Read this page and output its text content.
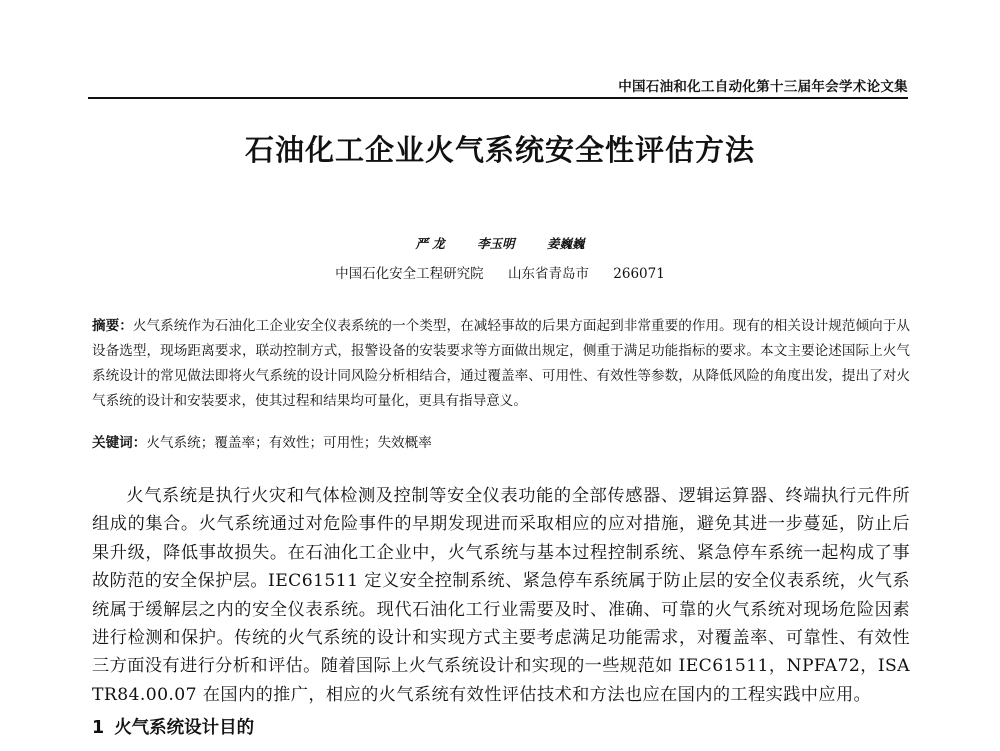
中国石油和化工自动化第十三届年会学术论文集
石油化工企业火气系统安全性评估方法
严 龙	李玉明	姜巍巍
中国石化安全工程研究院 山东省青岛市 266071
摘要：火气系统作为石油化工企业安全仪表系统的一个类型，在减轻事故的后果方面起到非常重要的作用。现有的相关设计规范倾向于从设备选型，现场距离要求，联动控制方式，报警设备的安装要求等方面做出规定，侧重于满足功能指标的要求。本文主要论述国际上火气系统设计的常见做法即将火气系统的设计同风险分析相结合，通过覆盖率、可用性、有效性等参数，从降低风险的角度出发，提出了对火气系统的设计和安装要求，使其过程和结果均可量化，更具有指导意义。
关键词：火气系统；覆盖率；有效性；可用性；失效概率
火气系统是执行火灾和气体检测及控制等安全仪表功能的全部传感器、逻辑运算器、终端执行元件所组成的集合。火气系统通过对危险事件的早期发现进而采取相应的应对措施，避免其进一步蔓延，防止后果升级，降低事故损失。在石油化工企业中，火气系统与基本过程控制系统、紧急停车系统一起构成了事故防范的安全保护层。IEC61511 定义安全控制系统、紧急停车系统属于防止层的安全仪表系统，火气系统属于缓解层之内的安全仪表系统。现代石油化工行业需要及时、准确、可靠的火气系统对现场危险因素进行检测和保护。传统的火气系统的设计和实现方式主要考虑满足功能需求，对覆盖率、可靠性、有效性三方面没有进行分析和评估。随着国际上火气系统设计和实现的一些规范如 IEC61511，NPFA72，ISA TR84.00.07 在国内的推广，相应的火气系统有效性评估技术和方法也应在国内的工程实践中应用。
1 火气系统设计目的
